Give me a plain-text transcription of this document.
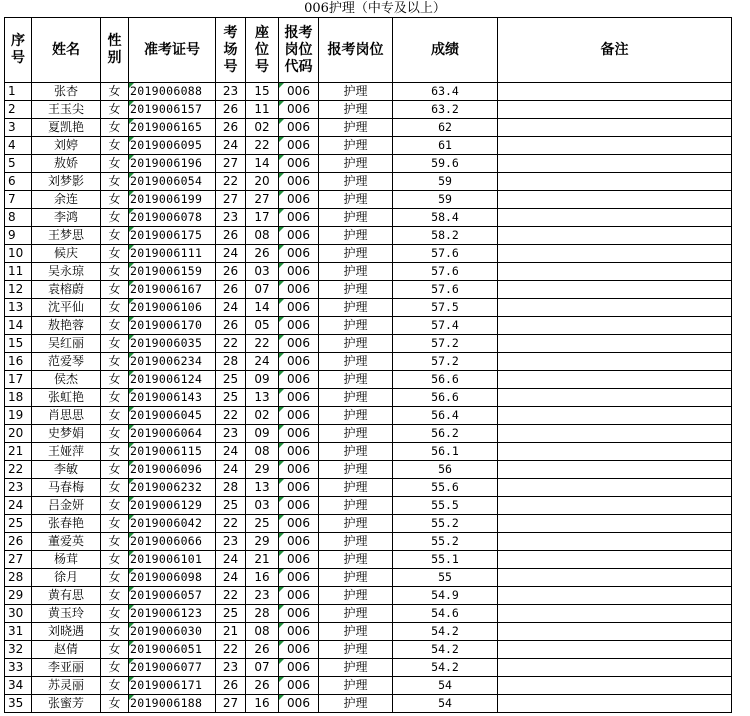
006护理（中专及以上）
序号	姓名	性别	准考证号	考场号	座位号	报考岗位代码	报考岗位	成绩	备注
1	张杏	女	2019006088	23	15	006	护理	63.4	
2	王玉尖	女	2019006157	26	11	006	护理	63.2	
3	夏凯艳	女	2019006165	26	02	006	护理	62	
4	刘婷	女	2019006095	24	22	006	护理	61	
5	敖娇	女	2019006196	27	14	006	护理	59.6	
6	刘梦影	女	2019006054	22	20	006	护理	59	
7	余连	女	2019006199	27	27	006	护理	59	
8	李鸿	女	2019006078	23	17	006	护理	58.4	
9	王梦思	女	2019006175	26	08	006	护理	58.2	
10	候庆	女	2019006111	24	26	006	护理	57.6	
11	吴永琼	女	2019006159	26	03	006	护理	57.6	
12	袁榕蔚	女	2019006167	26	07	006	护理	57.6	
13	沈平仙	女	2019006106	24	14	006	护理	57.5	
14	敖艳蓉	女	2019006170	26	05	006	护理	57.4	
15	吴红丽	女	2019006035	22	22	006	护理	57.2	
16	范爱琴	女	2019006234	28	24	006	护理	57.2	
17	侯杰	女	2019006124	25	09	006	护理	56.6	
18	张虹艳	女	2019006143	25	13	006	护理	56.6	
19	肖思思	女	2019006045	22	02	006	护理	56.4	
20	史梦娟	女	2019006064	23	09	006	护理	56.2	
21	王娅萍	女	2019006115	24	08	006	护理	56.1	
22	李敏	女	2019006096	24	29	006	护理	56	
23	马春梅	女	2019006232	28	13	006	护理	55.6	
24	吕金妍	女	2019006129	25	03	006	护理	55.5	
25	张春艳	女	2019006042	22	25	006	护理	55.2	
26	董爱英	女	2019006066	23	29	006	护理	55.2	
27	杨茸	女	2019006101	24	21	006	护理	55.1	
28	徐月	女	2019006098	24	16	006	护理	55	
29	黄有思	女	2019006057	22	23	006	护理	54.9	
30	黄玉玲	女	2019006123	25	28	006	护理	54.6	
31	刘晓遇	女	2019006030	21	08	006	护理	54.2	
32	赵倩	女	2019006051	22	26	006	护理	54.2	
33	李亚丽	女	2019006077	23	07	006	护理	54.2	
34	苏灵丽	女	2019006171	26	26	006	护理	54	
35	张蜜芳	女	2019006188	27	16	006	护理	54	
